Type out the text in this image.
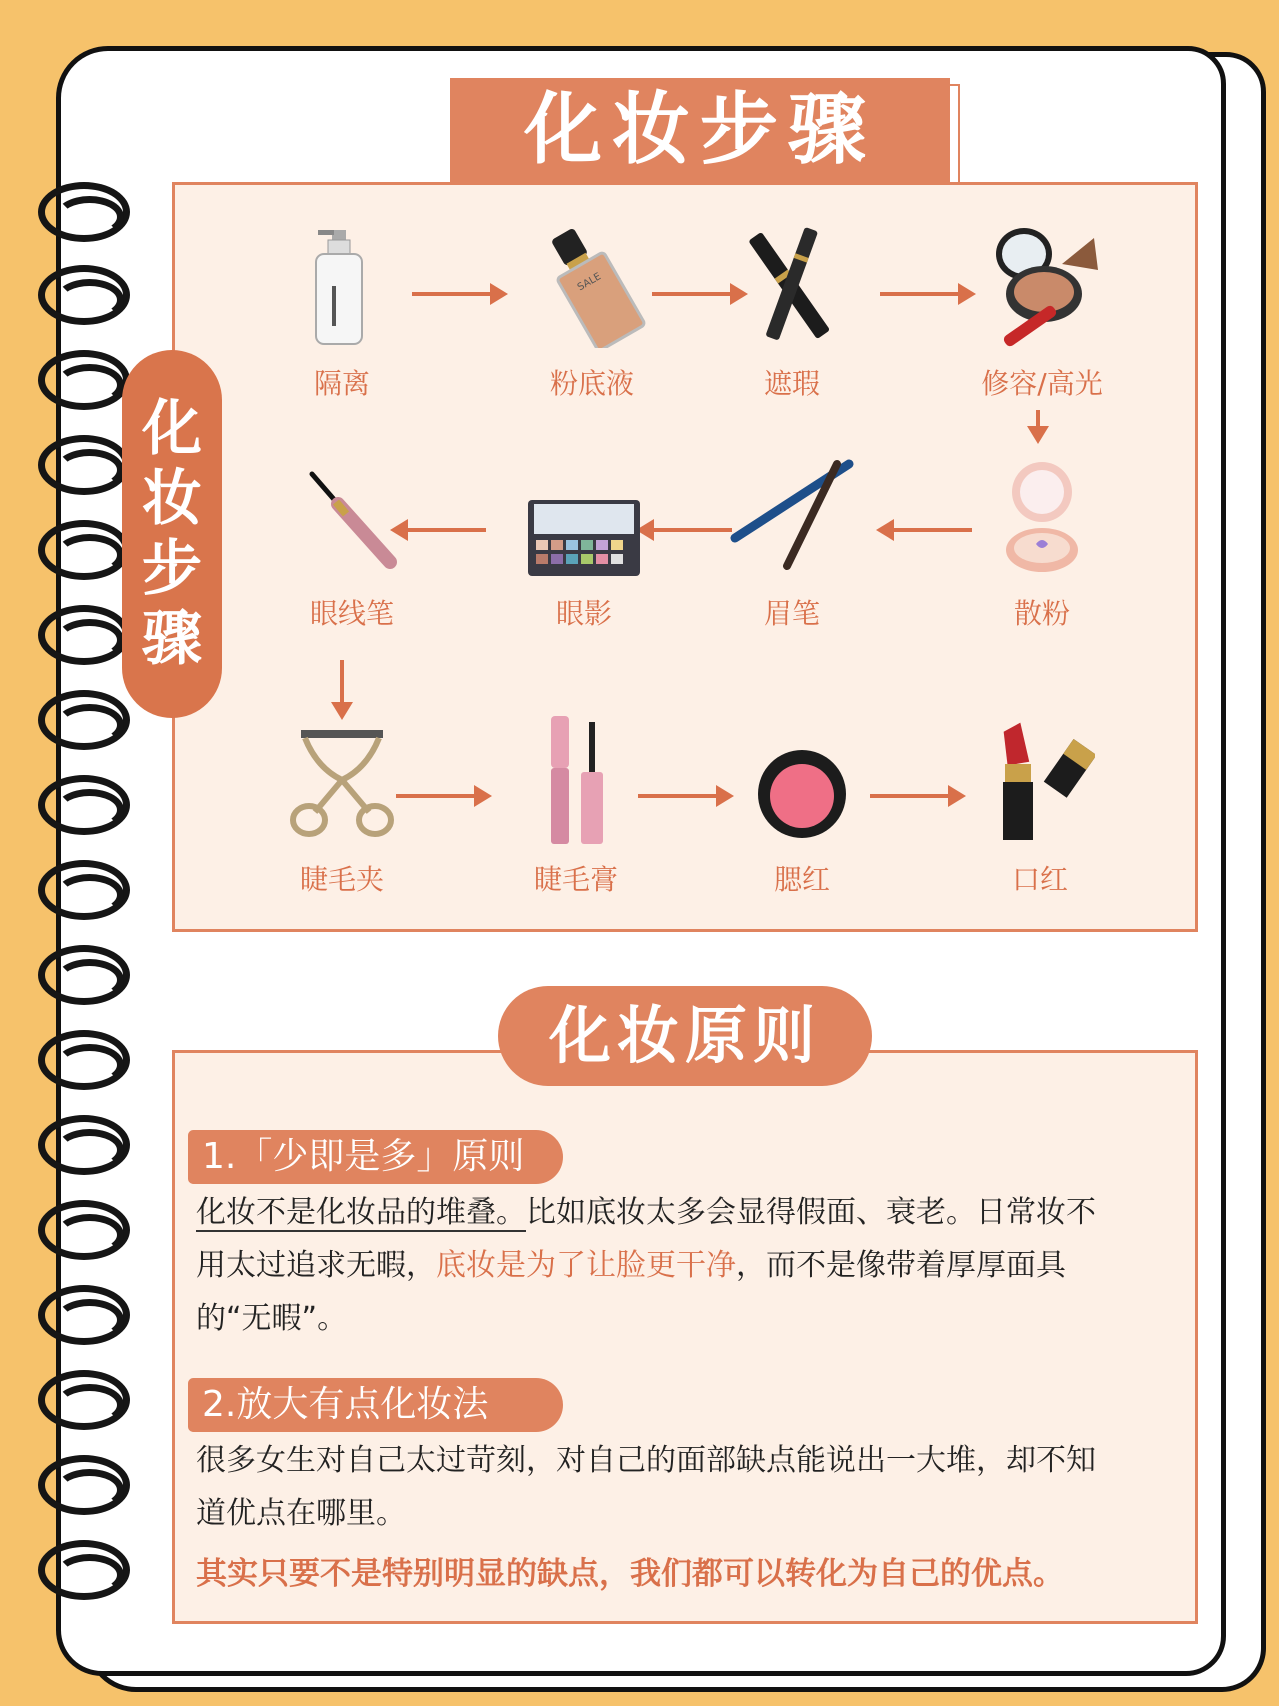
化妆步骤
化
妆
步
骤
隔离
SALE
粉底液	遮瑕	修容/高光
散粉
眉笔
眼影
眼线笔
睫毛夹	睫毛膏	腮红	口红
化妆原则
1.「少即是多」原则
化妆不是化妆品的堆叠。比如底妆太多会显得假面、衰老。日常妆不
用太过追求无暇，底妆是为了让脸更干净，而不是像带着厚厚面具
的“无暇”。
2.放大有点化妆法
很多女生对自己太过苛刻，对自己的面部缺点能说出一大堆，却不知
道优点在哪里。
其实只要不是特别明显的缺点，我们都可以转化为自己的优点。
